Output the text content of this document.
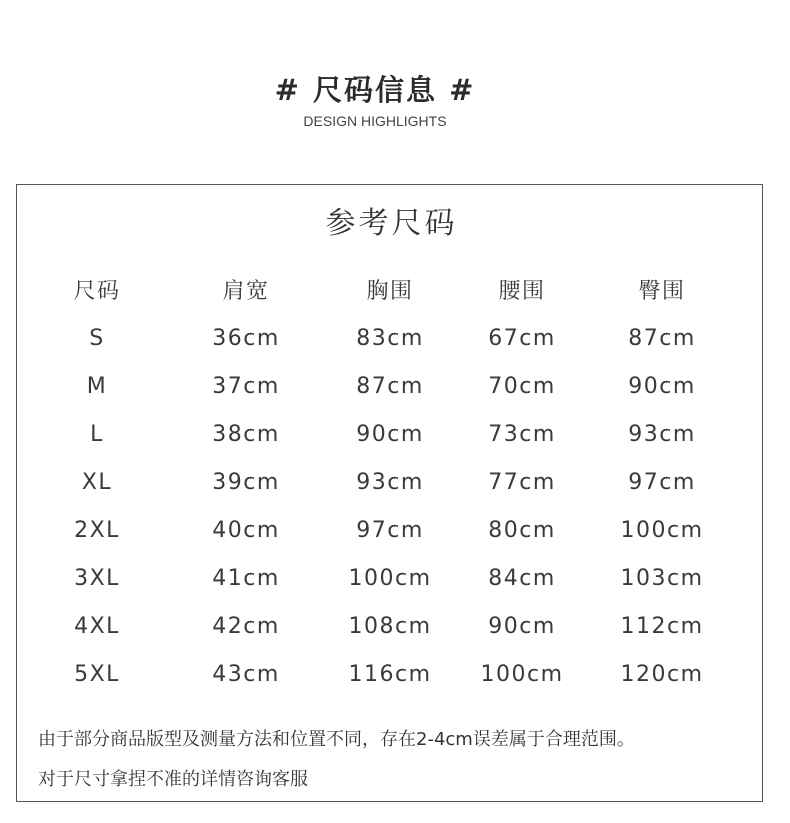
# 尺码信息 #
DESIGN HIGHLIGHTS
参考尺码
尺码	肩宽	胸围	腰围	臀围
S	36cm	83cm	67cm	87cm
M	37cm	87cm	70cm	90cm
L	38cm	90cm	73cm	93cm
XL	39cm	93cm	77cm	97cm
2XL	40cm	97cm	80cm	100cm
3XL	41cm	100cm	84cm	103cm
4XL	42cm	108cm	90cm	112cm
5XL	43cm	116cm	100cm	120cm
由于部分商品版型及测量方法和位置不同，存在2-4cm误差属于合理范围。
对于尺寸拿捏不准的详情咨询客服
